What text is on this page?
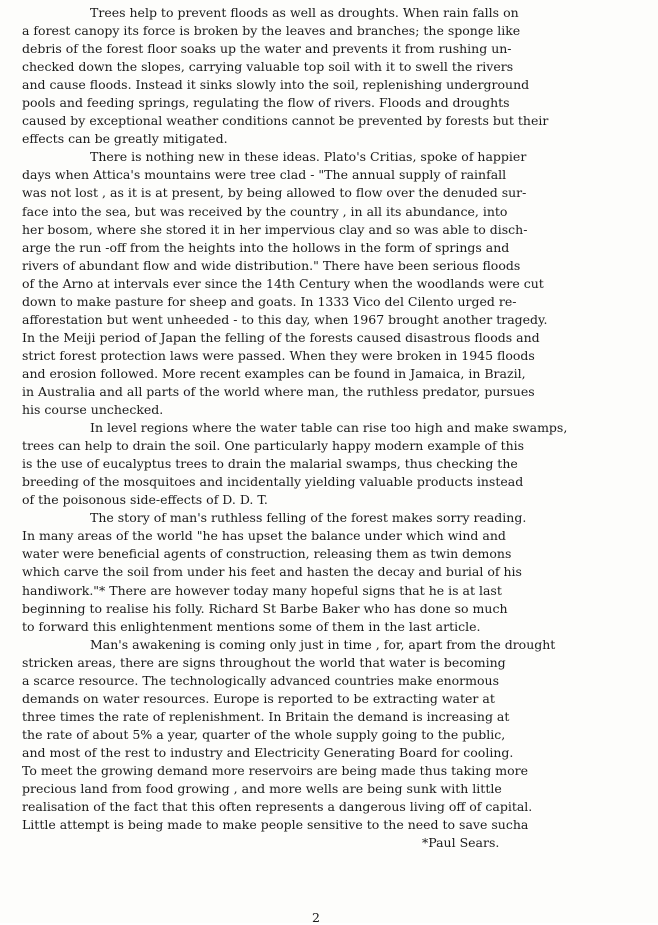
Trees help to prevent floods as well as droughts. When rain falls on
a forest canopy its force is broken by the leaves and branches; the sponge like
debris of the forest floor soaks up the water and prevents it from rushing un-
checked down the slopes, carrying valuable top soil with it to swell the rivers
and cause floods. Instead it sinks slowly into the soil, replenishing underground
pools and feeding springs, regulating the flow of rivers. Floods and droughts
caused by exceptional weather conditions cannot be prevented by forests but their
effects can be greatly mitigated.
There is nothing new in these ideas. Plato's Critias, spoke of happier
days when Attica's mountains were tree clad - "The annual supply of rainfall
was not lost , as it is at present, by being allowed to flow over the denuded sur-
face into the sea, but was received by the country , in all its abundance, into
her bosom, where she stored it in her impervious clay and so was able to disch-
arge the run -off from the heights into the hollows in the form of springs and
rivers of abundant flow and wide distribution." There have been serious floods
of the Arno at intervals ever since the 14th Century when the woodlands were cut
down to make pasture for sheep and goats. In 1333 Vico del Cilento urged re-
afforestation but went unheeded - to this day, when 1967 brought another tragedy.
In the Meiji period of Japan the felling of the forests caused disastrous floods and
strict forest protection laws were passed. When they were broken in 1945 floods
and erosion followed. More recent examples can be found in Jamaica, in Brazil,
in Australia and all parts of the world where man, the ruthless predator, pursues
his course unchecked.
In level regions where the water table can rise too high and make swamps,
trees can help to drain the soil. One particularly happy modern example of this
is the use of eucalyptus trees to drain the malarial swamps, thus checking the
breeding of the mosquitoes and incidentally yielding valuable products instead
of the poisonous side-effects of D. D. T.
The story of man's ruthless felling of the forest makes sorry reading.
In many areas of the world "he has upset the balance under which wind and
water were beneficial agents of construction, releasing them as twin demons
which carve the soil from under his feet and hasten the decay and burial of his
handiwork."* There are however today many hopeful signs that he is at last
beginning to realise his folly. Richard St Barbe Baker who has done so much
to forward this enlightenment mentions some of them in the last article.
Man's awakening is coming only just in time , for, apart from the drought
stricken areas, there are signs throughout the world that water is becoming
a scarce resource. The technologically advanced countries make enormous
demands on water resources. Europe is reported to be extracting water at
three times the rate of replenishment. In Britain the demand is increasing at
the rate of about 5% a year, quarter of the whole supply going to the public,
and most of the rest to industry and Electricity Generating Board for cooling.
To meet the growing demand more reservoirs are being made thus taking more
precious land from food growing , and more wells are being sunk with little
realisation of the fact that this often represents a dangerous living off of capital.
Little attempt is being made to make people sensitive to the need to save sucha
*Paul Sears.
2
